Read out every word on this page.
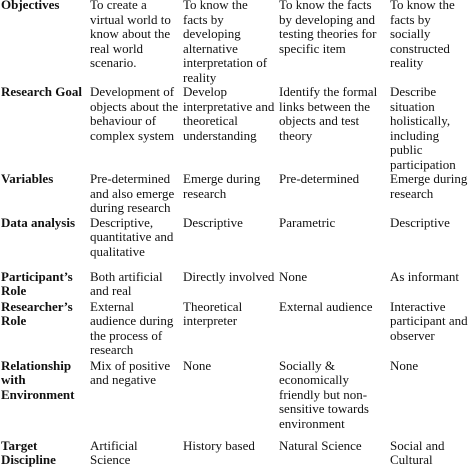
Objectives	To create a virtual world to know about the real world scenario.	To know the facts by developing alternative interpretation of reality	To know the facts by developing and testing theories for specific item	To know the facts by socially constructed reality
Research Goal	Development of objects about the behaviour of complex system	Develop interpretative and theoretical understanding	Identify the formal links between the objects and test theory	Describe situation holistically, including public participation
Variables	Pre-determined and also emerge during research	Emerge during research	Pre-determined	Emerge during research
Data analysis	Descriptive, quantitative and qualitative	Descriptive	Parametric	Descriptive
Participant’s Role	Both artificial and real	Directly involved	None	As informant
Researcher’s Role	External audience during the process of research	Theoretical interpreter	External audience	Interactive participant and observer
Relationship with Environment	Mix of positive and negative	None	Socially & economically friendly but non-sensitive towards environment	None
Target Discipline	Artificial Science	History based	Natural Science	Social and Cultural
